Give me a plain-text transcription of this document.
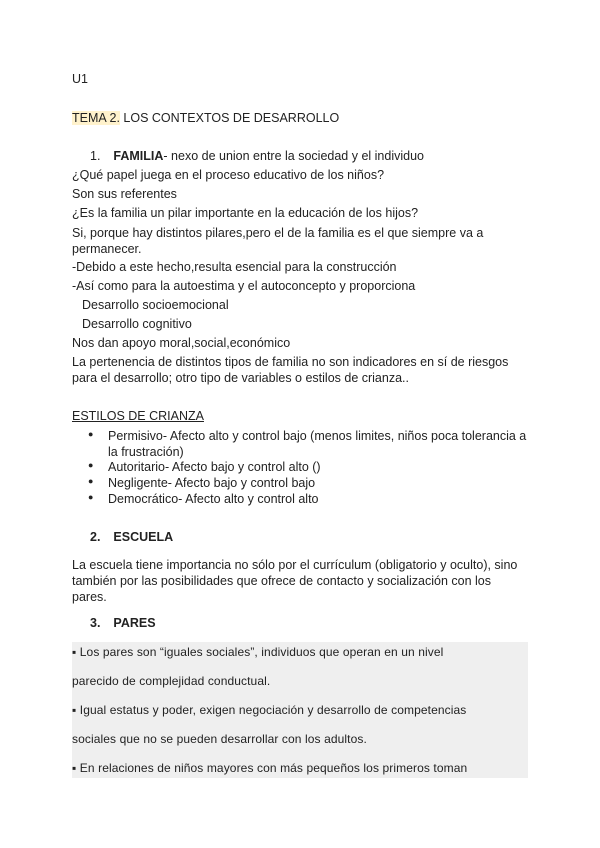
U1
TEMA 2. LOS CONTEXTOS DE DESARROLLO
1. FAMILIA- nexo de union entre la sociedad y el individuo
¿Qué papel juega en el proceso educativo de los niños?
Son sus referentes
¿Es la familia un pilar importante en la educación de los hijos?
Si, porque hay distintos pilares,pero el de la familia es el que siempre va a permanecer.
-Debido a este hecho,resulta esencial para la construcción
-Así como para la autoestima y el autoconcepto y proporciona
Desarrollo socioemocional
Desarrollo cognitivo
Nos dan apoyo moral,social,económico
La pertenencia de distintos tipos de familia no son indicadores en sí de riesgos para el desarrollo; otro tipo de variables o estilos de crianza..
ESTILOS DE CRIANZA
● Permisivo- Afecto alto y control bajo (menos limites, niños poca tolerancia a la frustración)
● Autoritario- Afecto bajo y control alto ()
● Negligente- Afecto bajo y control bajo
● Democrático- Afecto alto y control alto
2. ESCUELA
La escuela tiene importancia no sólo por el currículum (obligatorio y oculto), sino también por las posibilidades que ofrece de contacto y socialización con los pares.
3. PARES
▪ Los pares son “iguales sociales”, individuos que operan en un nivel
parecido de complejidad conductual.
▪ Igual estatus y poder, exigen negociación y desarrollo de competencias
sociales que no se pueden desarrollar con los adultos.
▪ En relaciones de niños mayores con más pequeños los primeros toman
